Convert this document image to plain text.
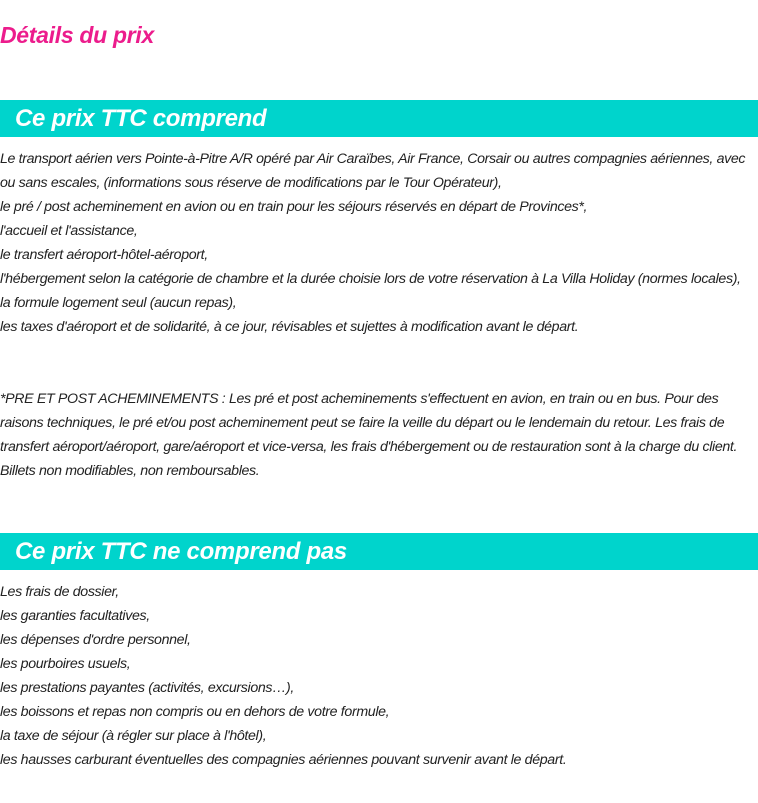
Détails du prix
Ce prix TTC comprend

Le transport aérien vers Pointe-à-Pitre A/R opéré par Air Caraïbes, Air France, Corsair ou autres compagnies aériennes, avec ou sans escales, (informations sous réserve de modifications par le Tour Opérateur),

le pré / post acheminement en avion ou en train pour les séjours réservés en départ de Provinces*,

l'accueil et l'assistance,

le transfert aéroport-hôtel-aéroport,

l'hébergement selon la catégorie de chambre et la durée choisie lors de votre réservation à La Villa Holiday (normes locales),

la formule logement seul (aucun repas),

les taxes d'aéroport et de solidarité, à ce jour, révisables et sujettes à modification avant le départ.

*PRE ET POST ACHEMINEMENTS : Les pré et post acheminements s'effectuent en avion, en train ou en bus. Pour des raisons techniques, le pré et/ou post acheminement peut se faire la veille du départ ou le lendemain du retour. Les frais de transfert aéroport/aéroport, gare/aéroport et vice-versa, les frais d'hébergement ou de restauration sont à la charge du client. Billets non modifiables, non remboursables.

Ce prix TTC ne comprend pas

Les frais de dossier,

les garanties facultatives,

les dépenses d'ordre personnel,

les pourboires usuels,

les prestations payantes (activités, excursions…),

les boissons et repas non compris ou en dehors de votre formule,

la taxe de séjour (à régler sur place à l'hôtel),

les hausses carburant éventuelles des compagnies aériennes pouvant survenir avant le départ.
